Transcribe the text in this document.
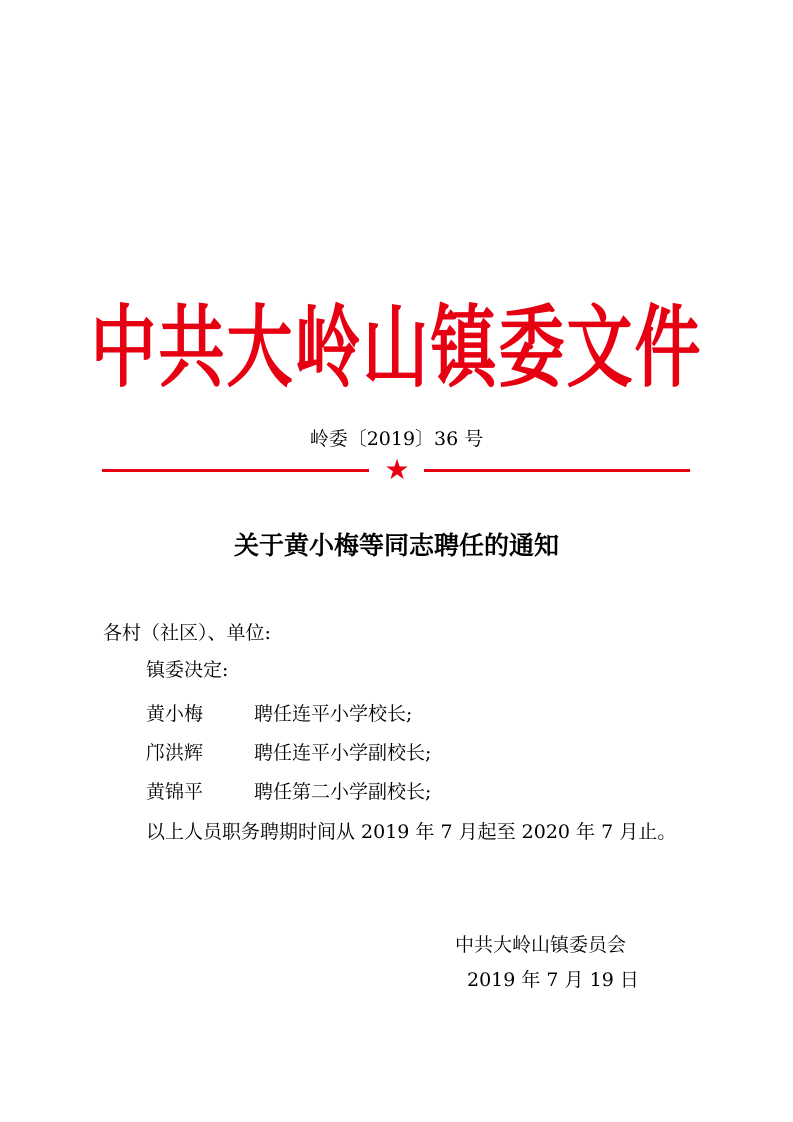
中共大岭山镇委文件
岭委〔2019〕36 号
★
关于黄小梅等同志聘任的通知
各村（社区）、单位:
镇委决定:
黄小梅	聘任连平小学校长;
邝洪辉	聘任连平小学副校长;
黄锦平	聘任第二小学副校长;
以上人员职务聘期时间从 2019 年 7 月起至 2020 年 7 月止。
中共大岭山镇委员会
2019 年 7 月 19 日
